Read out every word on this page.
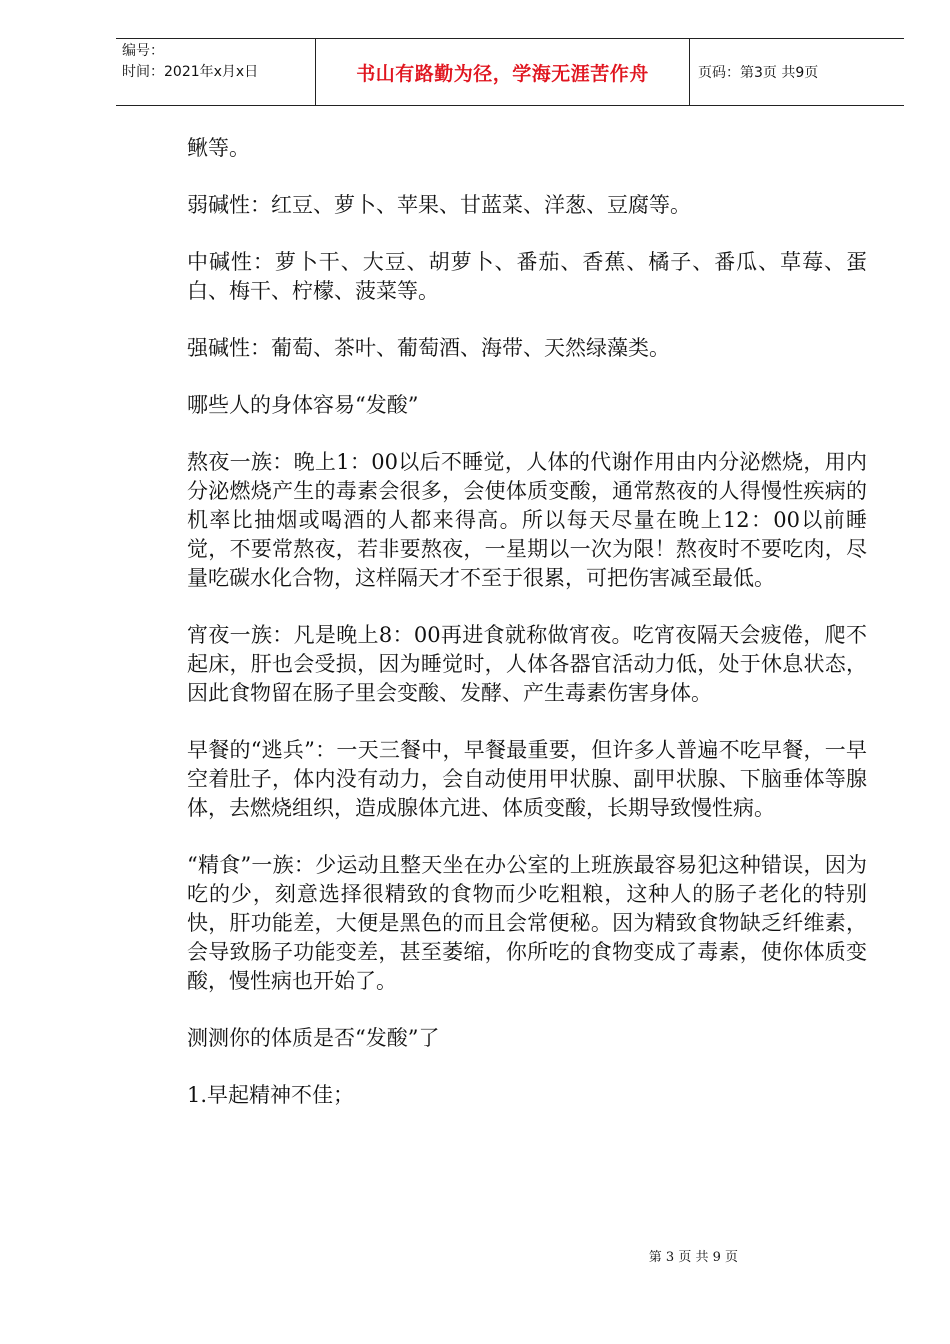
编号：
时间：2021年x月x日	书山有路勤为径，学海无涯苦作舟	页码：第3页 共9页

鳅等。

弱碱性：红豆、萝卜、苹果、甘蓝菜、洋葱、豆腐等。

中碱性：萝卜干、大豆、胡萝卜、番茄、香蕉、橘子、番瓜、草莓、蛋白、梅干、柠檬、菠菜等。

强碱性：葡萄、茶叶、葡萄酒、海带、天然绿藻类。

哪些人的身体容易“发酸”

熬夜一族：晚上1：00以后不睡觉，人体的代谢作用由内分泌燃烧，用内分泌燃烧产生的毒素会很多，会使体质变酸，通常熬夜的人得慢性疾病的机率比抽烟或喝酒的人都来得高。所以每天尽量在晚上12：00以前睡觉，不要常熬夜，若非要熬夜，一星期以一次为限！熬夜时不要吃肉，尽量吃碳水化合物，这样隔天才不至于很累，可把伤害减至最低。

宵夜一族：凡是晚上8：00再进食就称做宵夜。吃宵夜隔天会疲倦，爬不起床，肝也会受损，因为睡觉时，人体各器官活动力低，处于休息状态，因此食物留在肠子里会变酸、发酵、产生毒素伤害身体。

早餐的“逃兵”：一天三餐中，早餐最重要，但许多人普遍不吃早餐，一早空着肚子，体内没有动力，会自动使用甲状腺、副甲状腺、下脑垂体等腺体，去燃烧组织，造成腺体亢进、体质变酸，长期导致慢性病。

“精食”一族：少运动且整天坐在办公室的上班族最容易犯这种错误，因为吃的少，刻意选择很精致的食物而少吃粗粮，这种人的肠子老化的特别快，肝功能差，大便是黑色的而且会常便秘。因为精致食物缺乏纤维素，会导致肠子功能变差，甚至萎缩，你所吃的食物变成了毒素，使你体质变酸，慢性病也开始了。

测测你的体质是否“发酸”了

1.早起精神不佳；

第 3 页 共 9 页
